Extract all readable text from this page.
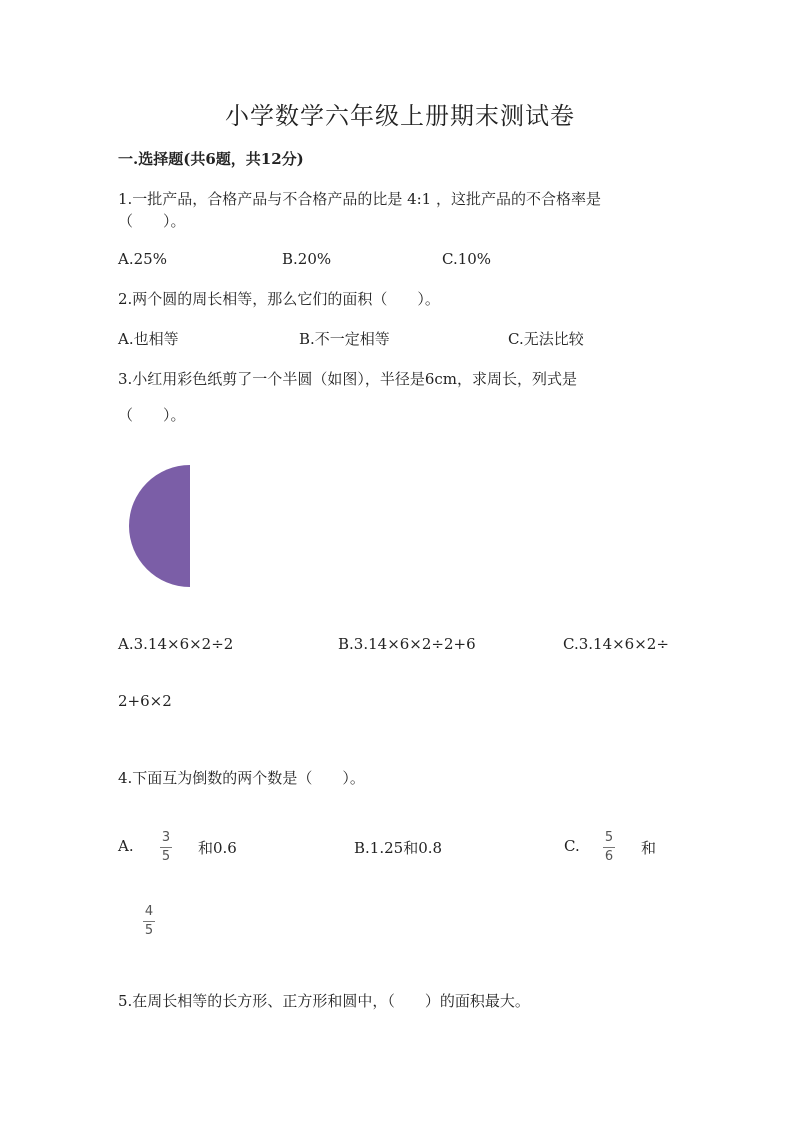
小学数学六年级上册期末测试卷
一.选择题(共6题，共12分)
1.一批产品，合格产品与不合格产品的比是 4:1 ，这批产品的不合格率是
（　　）。
A.25%	B.20%	C.10%
2.两个圆的周长相等，那么它们的面积（　　）。
A.也相等	B.不一定相等	C.无法比较
3.小红用彩色纸剪了一个半圆（如图），半径是6cm，求周长，列式是
（　　）。
A.3.14×6×2÷2	B.3.14×6×2÷2+6	C.3.14×6×2÷
2+6×2
4.下面互为倒数的两个数是（　　）。
A. 3
5 和0.6	B.1.25和0.8	C. 5
6 和
4
5
5.在周长相等的长方形、正方形和圆中，（　　）的面积最大。
